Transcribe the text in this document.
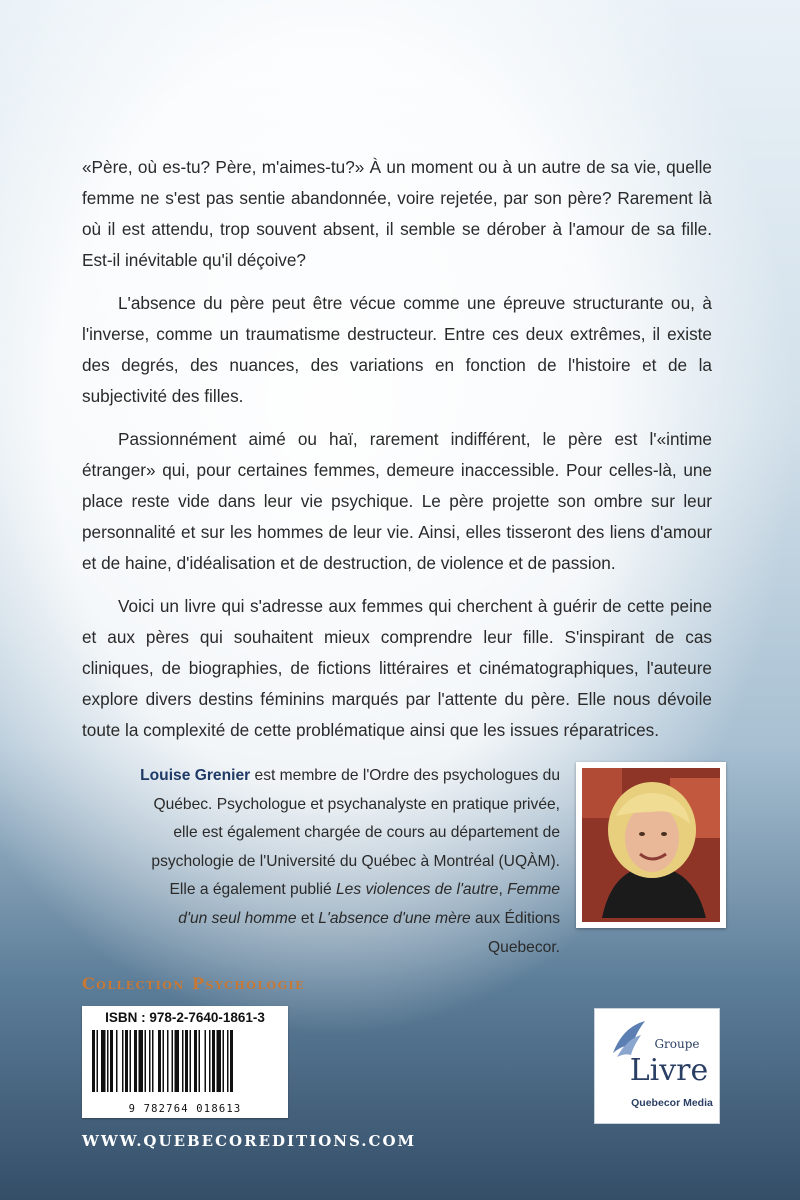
«Père, où es-tu? Père, m'aimes-tu?» À un moment ou à un autre de sa vie, quelle femme ne s'est pas sentie abandonnée, voire rejetée, par son père? Rarement là où il est attendu, trop souvent absent, il semble se dérober à l'amour de sa fille. Est-il inévitable qu'il déçoive?

L'absence du père peut être vécue comme une épreuve structurante ou, à l'inverse, comme un traumatisme destructeur. Entre ces deux extrêmes, il existe des degrés, des nuances, des variations en fonction de l'histoire et de la subjectivité des filles.

Passionnément aimé ou haï, rarement indifférent, le père est l'«intime étranger» qui, pour certaines femmes, demeure inaccessible. Pour celles-là, une place reste vide dans leur vie psychique. Le père projette son ombre sur leur personnalité et sur les hommes de leur vie. Ainsi, elles tisseront des liens d'amour et de haine, d'idéalisation et de destruction, de violence et de passion.

Voici un livre qui s'adresse aux femmes qui cherchent à guérir de cette peine et aux pères qui souhaitent mieux comprendre leur fille. S'inspirant de cas cliniques, de biographies, de fictions littéraires et cinématographiques, l'auteure explore divers destins féminins marqués par l'attente du père. Elle nous dévoile toute la complexité de cette problématique ainsi que les issues réparatrices.

Louise Grenier est membre de l'Ordre des psychologues du Québec. Psychologue et psychanalyste en pratique privée, elle est également chargée de cours au département de psychologie de l'Université du Québec à Montréal (UQÀM). Elle a également publié Les violences de l'autre, Femme d'un seul homme et L'absence d'une mère aux Éditions Quebecor.

Collection Psychologie
ISBN : 978-2-7640-1861-3
9 782764 018613
Groupe
Livre
Quebecor Media
WWW.QUEBECOREDITIONS.COM
